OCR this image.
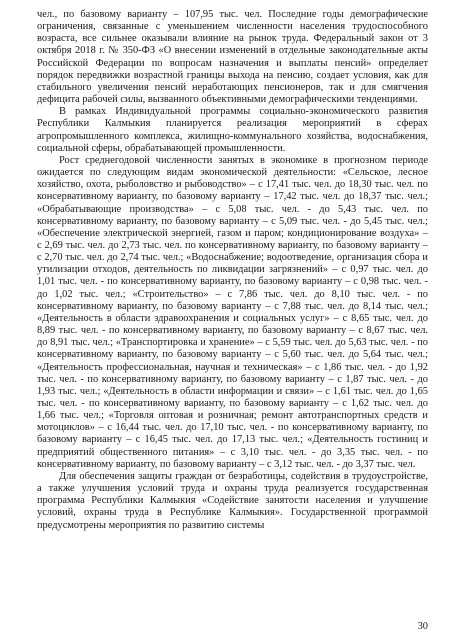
чел., по базовому варианту – 107,95 тыс. чел. Последние годы демографические ограничения, связанные с уменьшением численности населения трудоспособного возраста, все сильнее оказывали влияние на рынок труда. Федеральный закон от 3 октября 2018 г. № 350-ФЗ «О внесении изменений в отдельные законодательные акты Российской Федерации по вопросам назначения и выплаты пенсий» определяет порядок передвижки возрастной границы выхода на пенсию, создает условия, как для стабильного увеличения пенсий неработающих пенсионеров, так и для смягчения дефицита рабочей силы, вызванного объективными демографическими тенденциями.

В рамках Индивидуальной программы социально-экономического развития Республики Калмыкия планируется реализация мероприятий в сферах агропромышленного комплекса, жилищно-коммунального хозяйства, водоснабжения, социальной сферы, обрабатывающей промышленности.

Рост среднегодовой численности занятых в экономике в прогнозном периоде ожидается по следующим видам экономической деятельности: «Сельское, лесное хозяйство, охота, рыболовство и рыбоводство» – с 17,41 тыс. чел. до 18,30 тыс. чел. по консервативному варианту, по базовому варианту – 17,42 тыс. чел. до 18,37 тыс. чел.; «Обрабатывающие производства» – с 5,08 тыс. чел. - до 5,43 тыс. чел. по консервативному варианту, по базовому варианту – с 5,09 тыс. чел. - до 5,45 тыс. чел.; «Обеспечение электрической энергией, газом и паром; кондиционирование воздуха» – с 2,69 тыс. чел. до 2,73 тыс. чел. по консервативному варианту, по базовому варианту – с 2,70 тыс. чел. до 2,74 тыс. чел.; «Водоснабжение; водоотведение, организация сбора и утилизации отходов, деятельность по ликвидации загрязнений» – с 0,97 тыс. чел. до 1,01 тыс. чел. - по консервативному варианту, по базовому варианту – с 0,98 тыс. чел. - до 1,02 тыс. чел.; «Строительство» – с 7,86 тыс. чел. до 8,10 тыс. чел. - по консервативному варианту, по базовому варианту – с 7,88 тыс. чел. до 8,14 тыс. чел.; «Деятельность в области здравоохранения и социальных услуг» – с 8,65 тыс. чел. до 8,89 тыс. чел. - по консервативному варианту, по базовому варианту – с 8,67 тыс. чел. до 8,91 тыс. чел.; «Транспортировка и хранение» – с 5,59 тыс. чел. до 5,63 тыс. чел. - по консервативному варианту, по базовому варианту – с 5,60 тыс. чел. до 5,64 тыс. чел.; «Деятельность профессиональная, научная и техническая» – с 1,86 тыс. чел. - до 1,92 тыс. чел. - по консервативному варианту, по базовому варианту – с 1,87 тыс. чел. - до 1,93 тыс. чел.; «Деятельность в области информации и связи» – с 1,61 тыс. чел. до 1,65 тыс. чел. - по консервативному варианту, по базовому варианту – с 1,62 тыс. чел. до 1,66 тыс. чел.; «Торговля оптовая и розничная; ремонт автотранспортных средств и мотоциклов» – с 16,44 тыс. чел. до 17,10 тыс. чел. - по консервативному варианту, по базовому варианту – с 16,45 тыс. чел. до 17,13 тыс. чел.; «Деятельность гостиниц и предприятий общественного питания» – с 3,10 тыс. чел. - до 3,35 тыс. чел. - по консервативному варианту, по базовому варианту – с 3,12 тыс. чел. - до 3,37 тыс. чел.

Для обеспечения защиты граждан от безработицы, содействия в трудоустройстве, а также улучшения условий труда и охраны труда реализуется государственная программа Республики Калмыкия «Содействие занятости населения и улучшение условий, охраны труда в Республике Калмыкия». Государственной программой предусмотрены мероприятия по развитию системы

30
